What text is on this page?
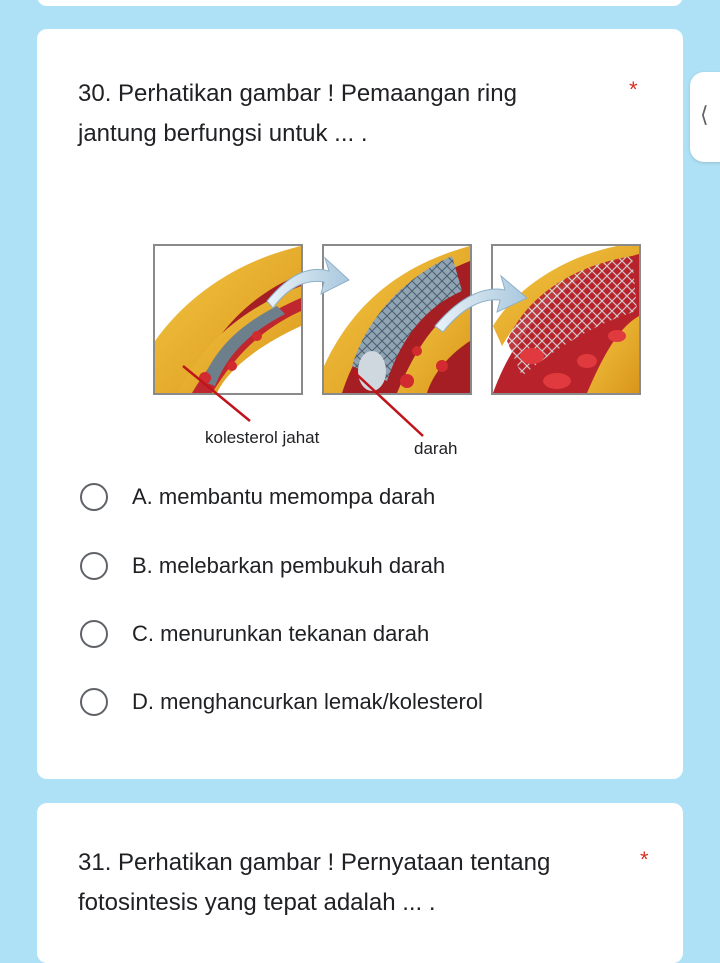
⟨
30. Perhatikan gambar ! Pemaangan ring jantung berfungsi untuk ... .
*
kolesterol jahat
darah
A. membantu memompa darah
B. melebarkan pembukuh darah
C. menurunkan tekanan darah
D. menghancurkan lemak/kolesterol
31. Perhatikan gambar ! Pernyataan tentang fotosintesis yang tepat adalah ... .
*
